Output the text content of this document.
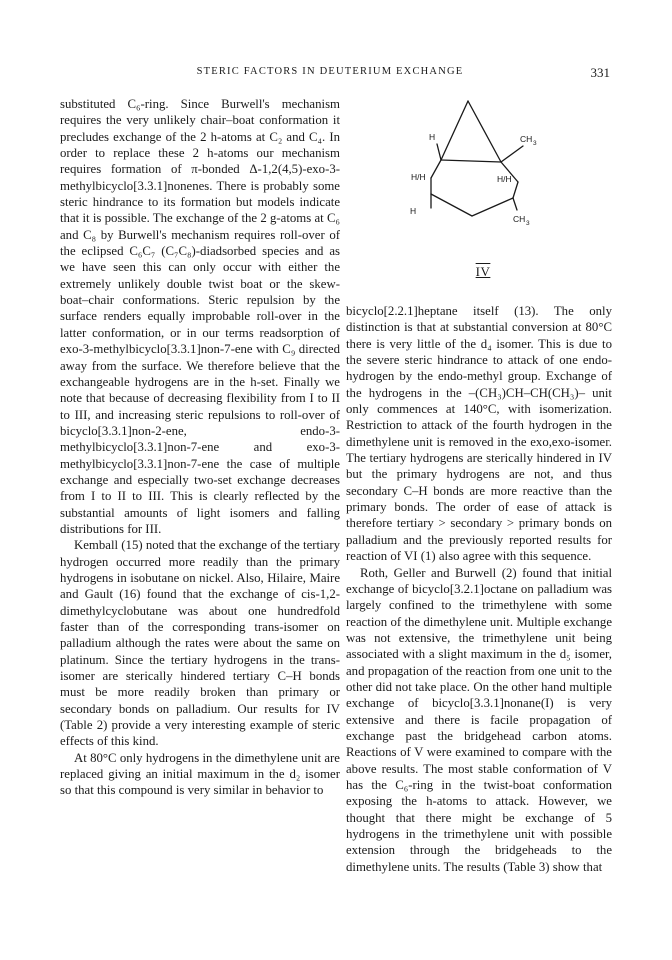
STERIC FACTORS IN DEUTERIUM EXCHANGE	331

substituted C₆-ring. Since Burwell's mechanism requires the very unlikely chair–boat conformation it precludes exchange of the 2 h-atoms at C₂ and C₄. In order to replace these 2 h-atoms our mechanism requires formation of π-bonded Δ-1,2(4,5)-exo-3-methylbicyclo[3.3.1]nonenes. There is probably some steric hindrance to its formation but models indicate that it is possible. The exchange of the 2 g-atoms at C₆ and C₈ by Burwell's mechanism requires roll-over of the eclipsed C₆C₇ (C₇C₈)-diadsorbed species and as we have seen this can only occur with either the extremely unlikely double twist boat or the skew-boat–chair conformations. Steric repulsion by the surface renders equally improbable roll-over in the latter conformation, or in our terms readsorption of exo-3-methylbicyclo[3.3.1]non-7-ene with C₉ directed away from the surface. We therefore believe that the exchangeable hydrogens are in the h-set. Finally we note that because of decreasing flexibility from I to II to III, and increasing steric repulsions to roll-over of bicyclo[3.3.1]non-2-ene, endo-3-methylbicyclo[3.3.1]non-7-ene and exo-3-methylbicyclo[3.3.1]non-7-ene the case of multiple exchange and especially two-set exchange decreases from I to II to III. This is clearly reflected by the substantial amounts of light isomers and falling distributions for III.

Kemball (15) noted that the exchange of the tertiary hydrogen occurred more readily than the primary hydrogens in isobutane on nickel. Also, Hilaire, Maire and Gault (16) found that the exchange of cis-1,2-dimethylcyclobutane was about one hundredfold faster than of the corresponding trans-isomer on palladium although the rates were about the same on platinum. Since the tertiary hydrogens in the trans-isomer are sterically hindered tertiary C–H bonds must be more readily broken than primary or secondary bonds on palladium. Our results for IV (Table 2) provide a very interesting example of steric effects of this kind.

At 80°C only hydrogens in the dimethylene unit are replaced giving an initial maximum in the d₂ isomer so that this compound is very similar in behavior to

H	CH 3
H/H	H/H
H
CH 3
IV

bicyclo[2.2.1]heptane itself (13). The only distinction is that at substantial conversion at 80°C there is very little of the d₄ isomer. This is due to the severe steric hindrance to attack of one endo-hydrogen by the endo-methyl group. Exchange of the hydrogens in the –(CH₃)CH–CH(CH₃)– unit only commences at 140°C, with isomerization. Restriction to attack of the fourth hydrogen in the dimethylene unit is removed in the exo,exo-isomer. The tertiary hydrogens are sterically hindered in IV but the primary hydrogens are not, and thus secondary C–H bonds are more reactive than the primary bonds. The order of ease of attack is therefore tertiary > secondary > primary bonds on palladium and the previously reported results for reaction of VI (1) also agree with this sequence.

Roth, Geller and Burwell (2) found that initial exchange of bicyclo[3.2.1]octane on palladium was largely confined to the trimethylene with some reaction of the dimethylene unit. Multiple exchange was not extensive, the trimethylene unit being associated with a slight maximum in the d₅ isomer, and propagation of the reaction from one unit to the other did not take place. On the other hand multiple exchange of bicyclo[3.3.1]nonane(I) is very extensive and there is facile propagation of exchange past the bridgehead carbon atoms. Reactions of V were examined to compare with the above results. The most stable conformation of V has the C₆-ring in the twist-boat conformation exposing the h-atoms to attack. However, we thought that there might be exchange of 5 hydrogens in the trimethylene unit with possible extension through the bridgeheads to the dimethylene units. The results (Table 3) show that
